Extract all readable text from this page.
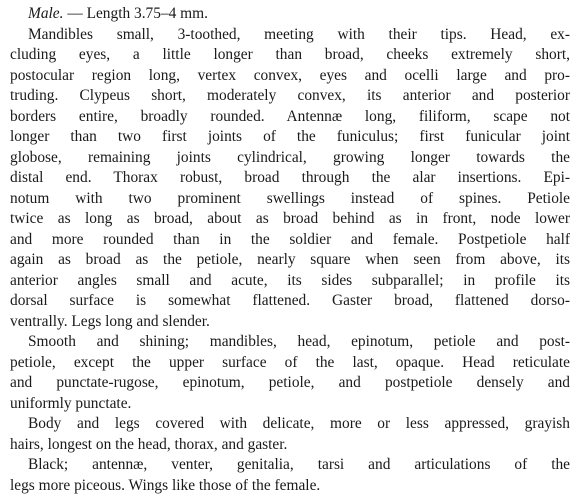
Male. — Length 3.75–4 mm.

Mandibles small, 3-toothed, meeting with their tips. Head, ex-
cluding eyes, a little longer than broad, cheeks extremely short,
postocular region long, vertex convex, eyes and ocelli large and pro-
truding. Clypeus short, moderately convex, its anterior and posterior
borders entire, broadly rounded. Antennæ long, filiform, scape not
longer than two first joints of the funiculus; first funicular joint
globose, remaining joints cylindrical, growing longer towards the
distal end. Thorax robust, broad through the alar insertions. Epi-
notum with two prominent swellings instead of spines. Petiole
twice as long as broad, about as broad behind as in front, node lower
and more rounded than in the soldier and female. Postpetiole half
again as broad as the petiole, nearly square when seen from above, its
anterior angles small and acute, its sides subparallel; in profile its
dorsal surface is somewhat flattened. Gaster broad, flattened dorso-
ventrally. Legs long and slender.

Smooth and shining; mandibles, head, epinotum, petiole and post-
petiole, except the upper surface of the last, opaque. Head reticulate
and punctate-rugose, epinotum, petiole, and postpetiole densely and
uniformly punctate.

Body and legs covered with delicate, more or less appressed, grayish
hairs, longest on the head, thorax, and gaster.

Black; antennæ, venter, genitalia, tarsi and articulations of the
legs more piceous. Wings like those of the female.
